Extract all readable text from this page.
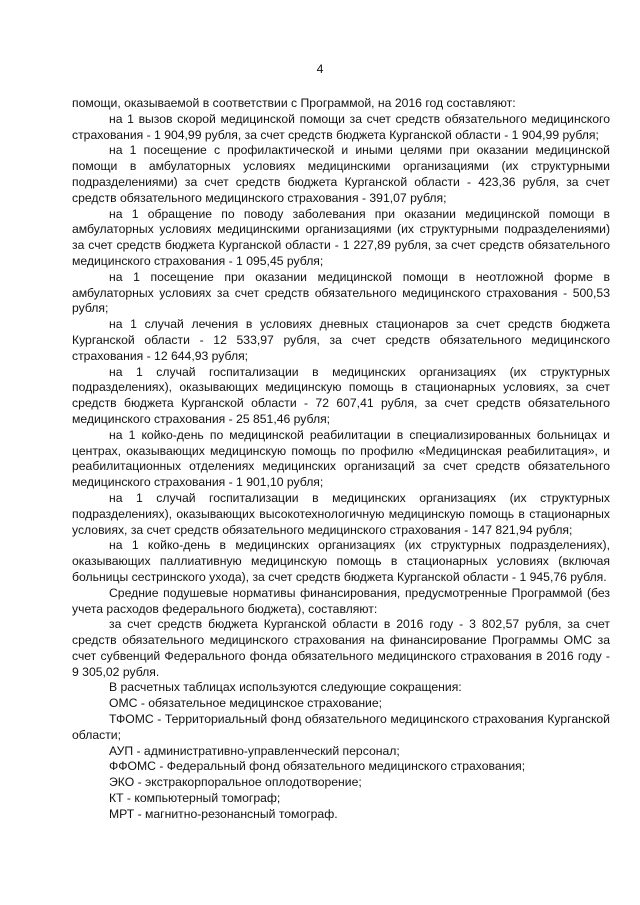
4

помощи, оказываемой в соответствии с Программой, на 2016 год составляют:

на 1 вызов скорой медицинской помощи за счет средств обязательного медицинского страхования - 1 904,99 рубля, за счет средств бюджета Курганской области - 1 904,99 рубля;

на 1 посещение с профилактической и иными целями при оказании медицинской помощи в амбулаторных условиях медицинскими организациями (их структурными подразделениями) за счет средств бюджета Курганской области - 423,36 рубля, за счет средств обязательного медицинского страхования - 391,07 рубля;

на 1 обращение по поводу заболевания при оказании медицинской помощи в амбулаторных условиях медицинскими организациями (их структурными подразделениями) за счет средств бюджета Курганской области - 1 227,89 рубля, за счет средств обязательного медицинского страхования - 1 095,45 рубля;

на 1 посещение при оказании медицинской помощи в неотложной форме в амбулаторных условиях за счет средств обязательного медицинского страхования - 500,53 рубля;

на 1 случай лечения в условиях дневных стационаров за счет средств бюджета Курганской области - 12 533,97 рубля, за счет средств обязательного медицинского страхования - 12 644,93 рубля;

на 1 случай госпитализации в медицинских организациях (их структурных подразделениях), оказывающих медицинскую помощь в стационарных условиях, за счет средств бюджета Курганской области - 72 607,41 рубля, за счет средств обязательного медицинского страхования - 25 851,46 рубля;

на 1 койко-день по медицинской реабилитации в специализированных больницах и центрах, оказывающих медицинскую помощь по профилю «Медицинская реабилитация», и реабилитационных отделениях медицинских организаций за счет средств обязательного медицинского страхования - 1 901,10 рубля;

на 1 случай госпитализации в медицинских организациях (их структурных подразделениях), оказывающих высокотехнологичную медицинскую помощь в стационарных условиях, за счет средств обязательного медицинского страхования - 147 821,94 рубля;

на 1 койко-день в медицинских организациях (их структурных подразделениях), оказывающих паллиативную медицинскую помощь в стационарных условиях (включая больницы сестринского ухода), за счет средств бюджета Курганской области - 1 945,76 рубля.

Средние подушевые нормативы финансирования, предусмотренные Программой (без учета расходов федерального бюджета), составляют:

за счет средств бюджета Курганской области в 2016 году - 3 802,57 рубля, за счет средств обязательного медицинского страхования на финансирование Программы ОМС за счет субвенций Федерального фонда обязательного медицинского страхования в 2016 году - 9 305,02 рубля.

В расчетных таблицах используются следующие сокращения:

ОМС - обязательное медицинское страхование;

ТФОМС - Территориальный фонд обязательного медицинского страхования Курганской области;

АУП - административно-управленческий персонал;

ФФОМС - Федеральный фонд обязательного медицинского страхования;

ЭКО - экстракорпоральное оплодотворение;

КТ - компьютерный томограф;

МРТ - магнитно-резонансный томограф.
